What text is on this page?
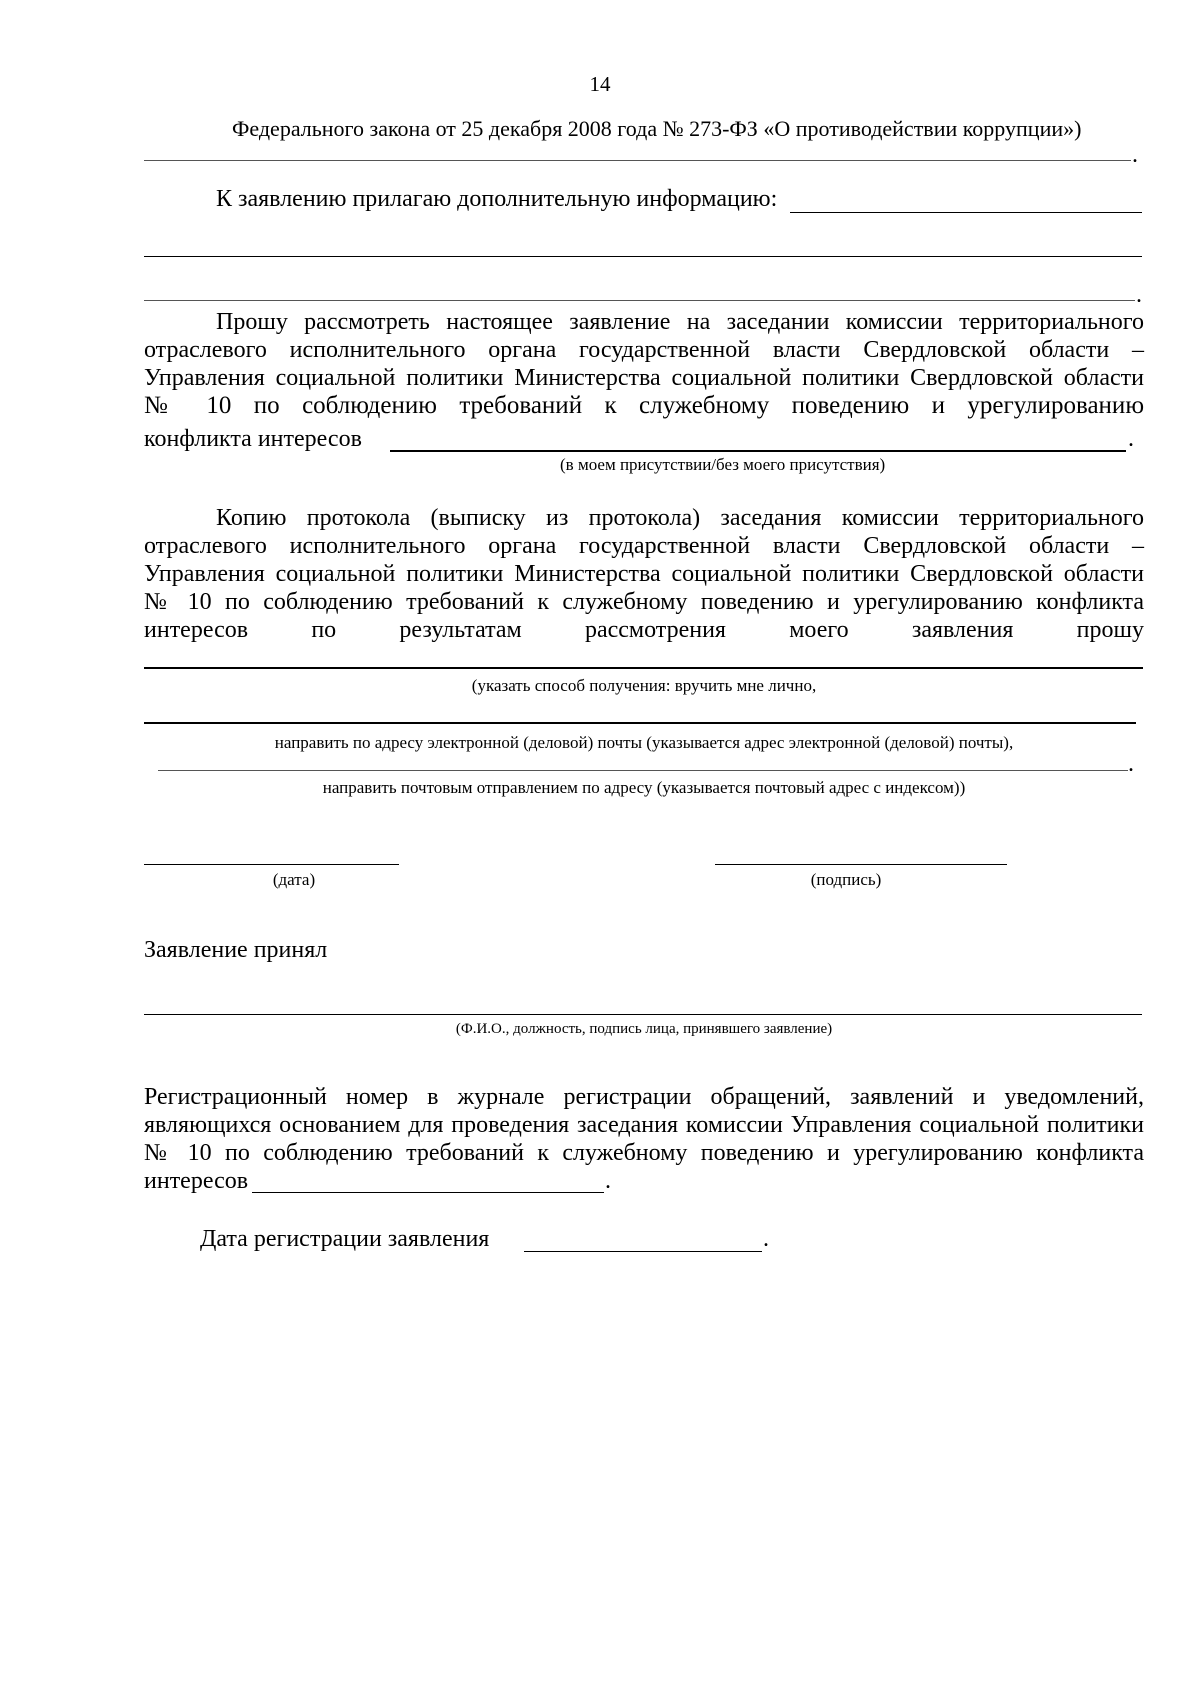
14
Федерального закона от 25 декабря 2008 года № 273-ФЗ «О противодействии коррупции»)
.
К заявлению прилагаю дополнительную информацию:
.
Прошу рассмотреть настоящее заявление на заседании комиссии территориального
отраслевого исполнительного органа государственной власти Свердловской области –
Управления социальной политики Министерства социальной политики Свердловской области
№ 10 по соблюдению требований к служебному поведению и урегулированию
конфликта интересов	.
(в моем присутствии/без моего присутствия)
Копию протокола (выписку из протокола) заседания комиссии территориального
отраслевого исполнительного органа государственной власти Свердловской области –
Управления социальной политики Министерства социальной политики Свердловской области
№ 10 по соблюдению требований к служебному поведению и урегулированию конфликта
интересов	по	результатам	рассмотрения	моего	заявления	прошу
(указать способ получения: вручить мне лично,
направить по адресу электронной (деловой) почты (указывается адрес электронной (деловой) почты),
.
направить почтовым отправлением по адресу (указывается почтовый адрес с индексом))
(дата)	(подпись)
Заявление принял
(Ф.И.О., должность, подпись лица, принявшего заявление)
Регистрационный номер в журнале регистрации обращений, заявлений и уведомлений,
являющихся основанием для проведения заседания комиссии Управления социальной политики
№ 10 по соблюдению требований к служебному поведению и урегулированию конфликта
интересов	.
Дата регистрации заявления	.
